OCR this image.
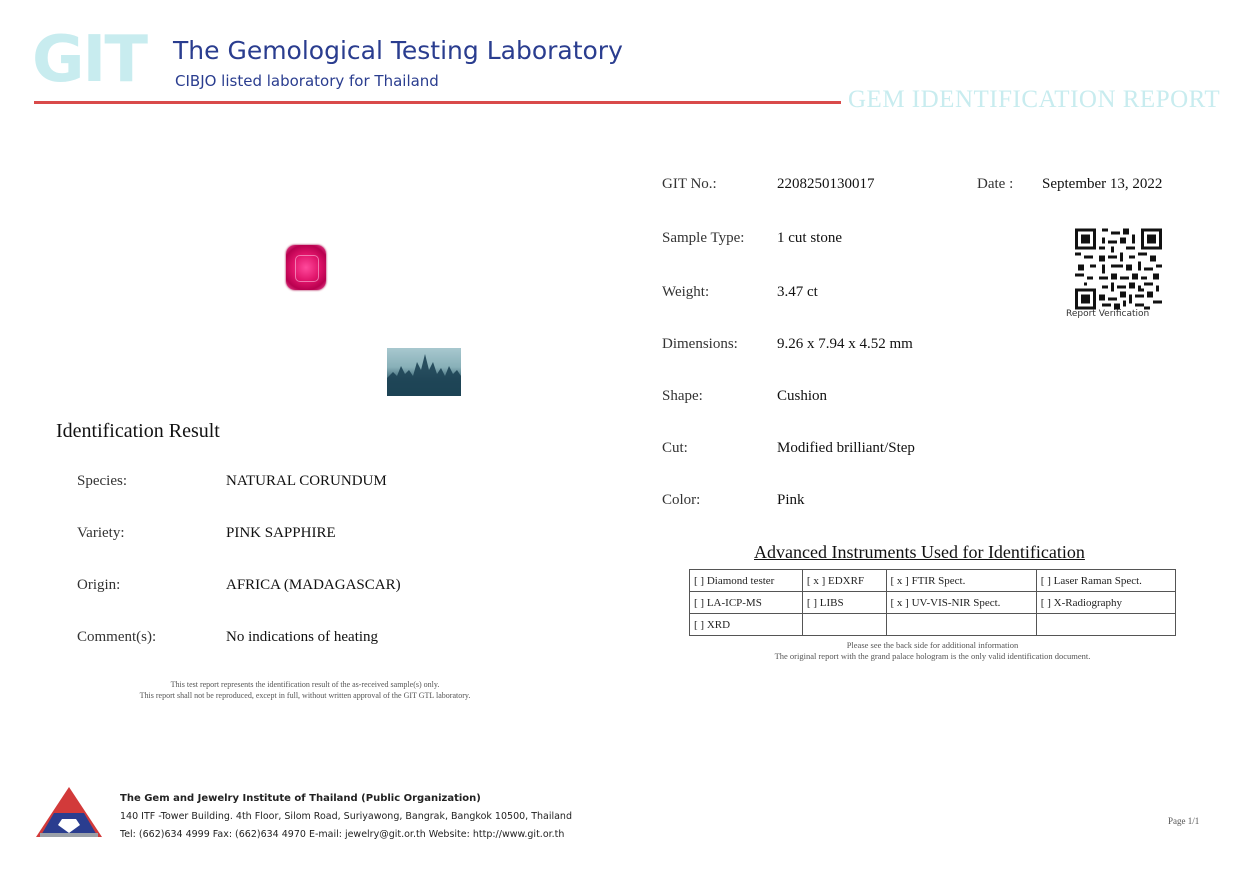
GIT The Gemological Testing Laboratory
CIBJO listed laboratory for Thailand
GEM IDENTIFICATION REPORT
GIT No.:	2208250130017	Date : September 13, 2022
Sample Type: 1 cut stone
Weight:	3.47 ct
Dimensions:	9.26 x 7.94 x 4.52 mm
Shape:	Cushion
Cut:	Modified brilliant/Step
Color:	Pink
Report Verification
Identification Result
Species:	NATURAL CORUNDUM
Variety:	PINK SAPPHIRE
Origin:	AFRICA (MADAGASCAR)
Comment(s):	No indications of heating
This test report represents the identification result of the as-received sample(s) only.
This report shall not be reproduced, except in full, without written approval of the GIT GTL laboratory.
Advanced Instruments Used for Identification
[ ] Diamond tester	[ x ] EDXRF	[ x ] FTIR Spect.	[ ] Laser Raman Spect.
[ ] LA-ICP-MS	[ ] LIBS	[ x ] UV-VIS-NIR Spect.	[ ] X-Radiography
[ ] XRD			
Please see the back side for additional information
The original report with the grand palace hologram is the only valid identification document.
The Gem and Jewelry Institute of Thailand (Public Organization)
140 ITF -Tower Building. 4th Floor, Silom Road, Suriyawong, Bangrak, Bangkok 10500, Thailand
Tel: (662)634 4999 Fax: (662)634 4970 E-mail: jewelry@git.or.th Website: http://www.git.or.th
Page 1/1
